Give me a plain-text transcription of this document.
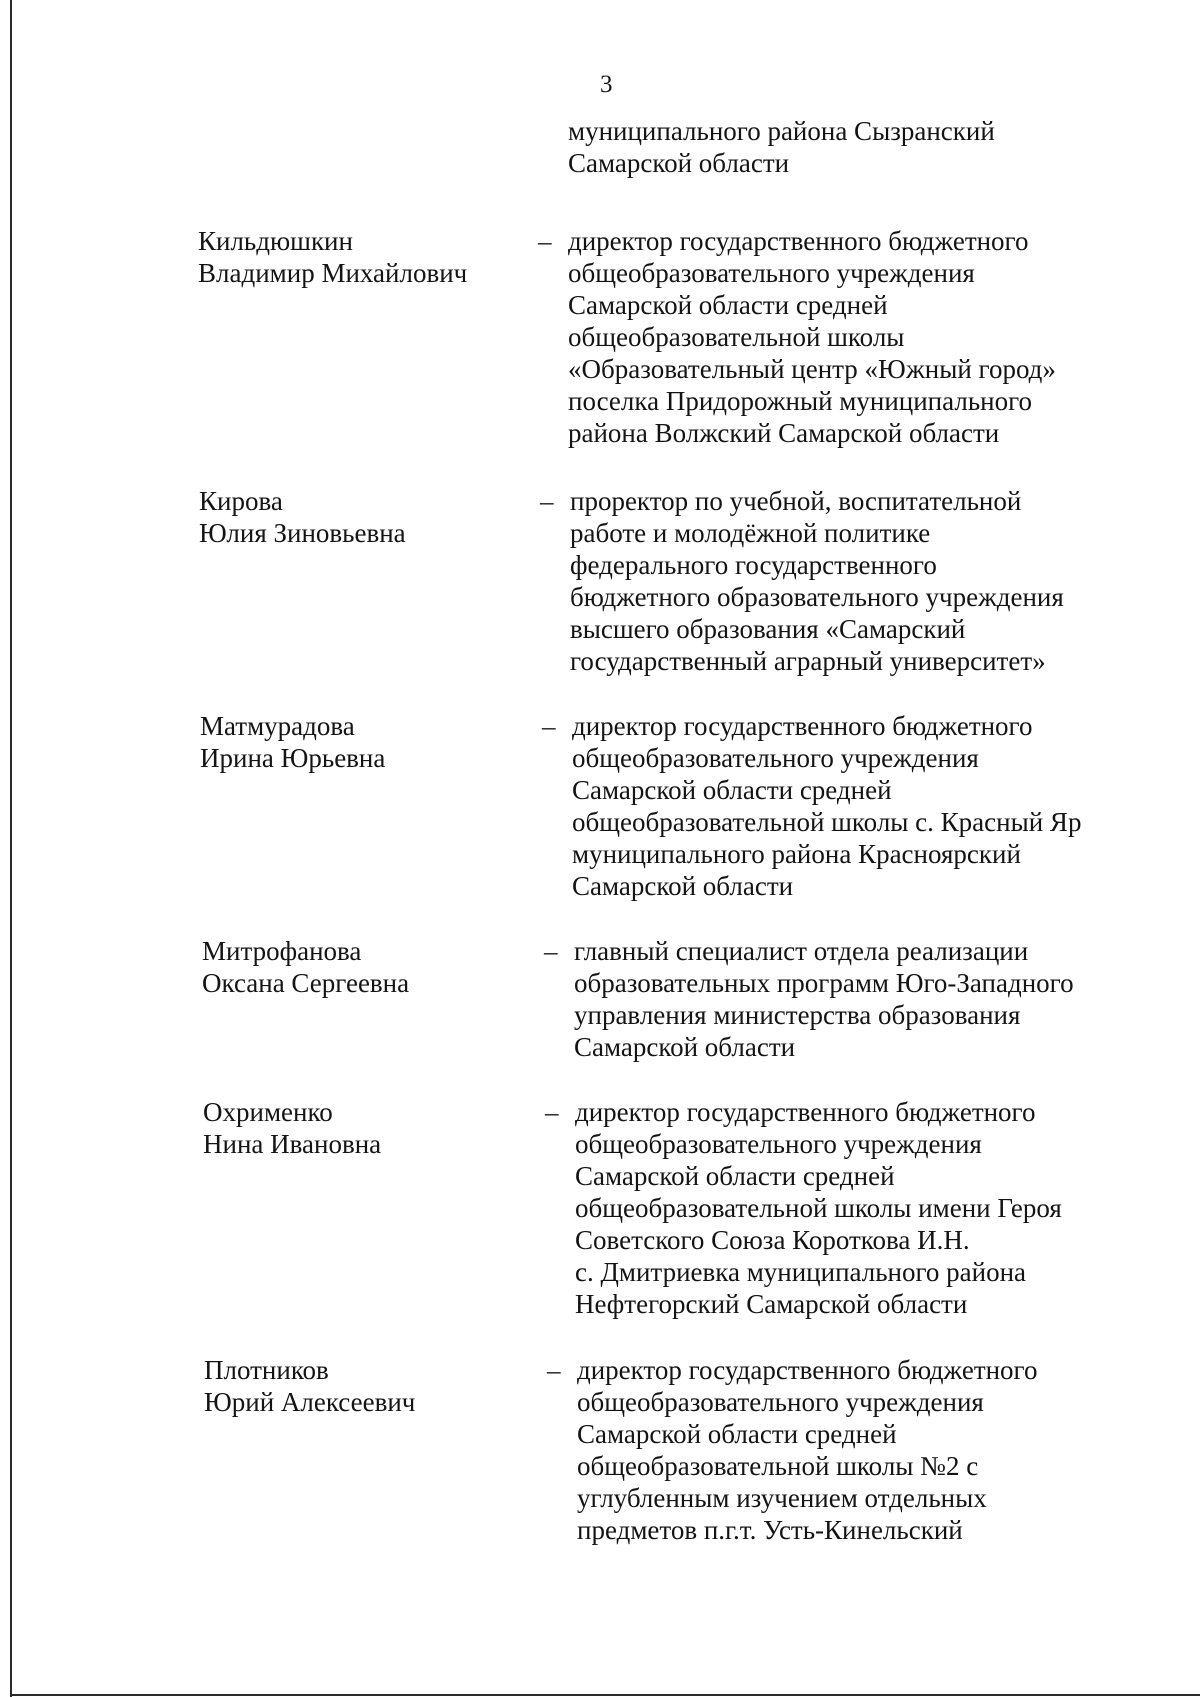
3
муниципального района Сызранский
Самарской области
Кильдюшкин
Владимир Михайлович
– директор государственного бюджетного
общеобразовательного учреждения
Самарской области средней
общеобразовательной школы
«Образовательный центр «Южный город»
поселка Придорожный муниципального
района Волжский Самарской области
Кирова
Юлия Зиновьевна
– проректор по учебной, воспитательной
работе и молодёжной политике
федерального государственного
бюджетного образовательного учреждения
высшего образования «Самарский
государственный аграрный университет»
Матмурадова
Ирина Юрьевна
– директор государственного бюджетного
общеобразовательного учреждения
Самарской области средней
общеобразовательной школы с. Красный Яр
муниципального района Красноярский
Самарской области
Митрофанова
Оксана Сергеевна
– главный специалист отдела реализации
образовательных программ Юго-Западного
управления министерства образования
Самарской области
Охрименко
Нина Ивановна
– директор государственного бюджетного
общеобразовательного учреждения
Самарской области средней
общеобразовательной школы имени Героя
Советского Союза Короткова И.Н.
с. Дмитриевка муниципального района
Нефтегорский Самарской области
Плотников
Юрий Алексеевич
– директор государственного бюджетного
общеобразовательного учреждения
Самарской области средней
общеобразовательной школы №2 с
углубленным изучением отдельных
предметов п.г.т. Усть-Кинельский
